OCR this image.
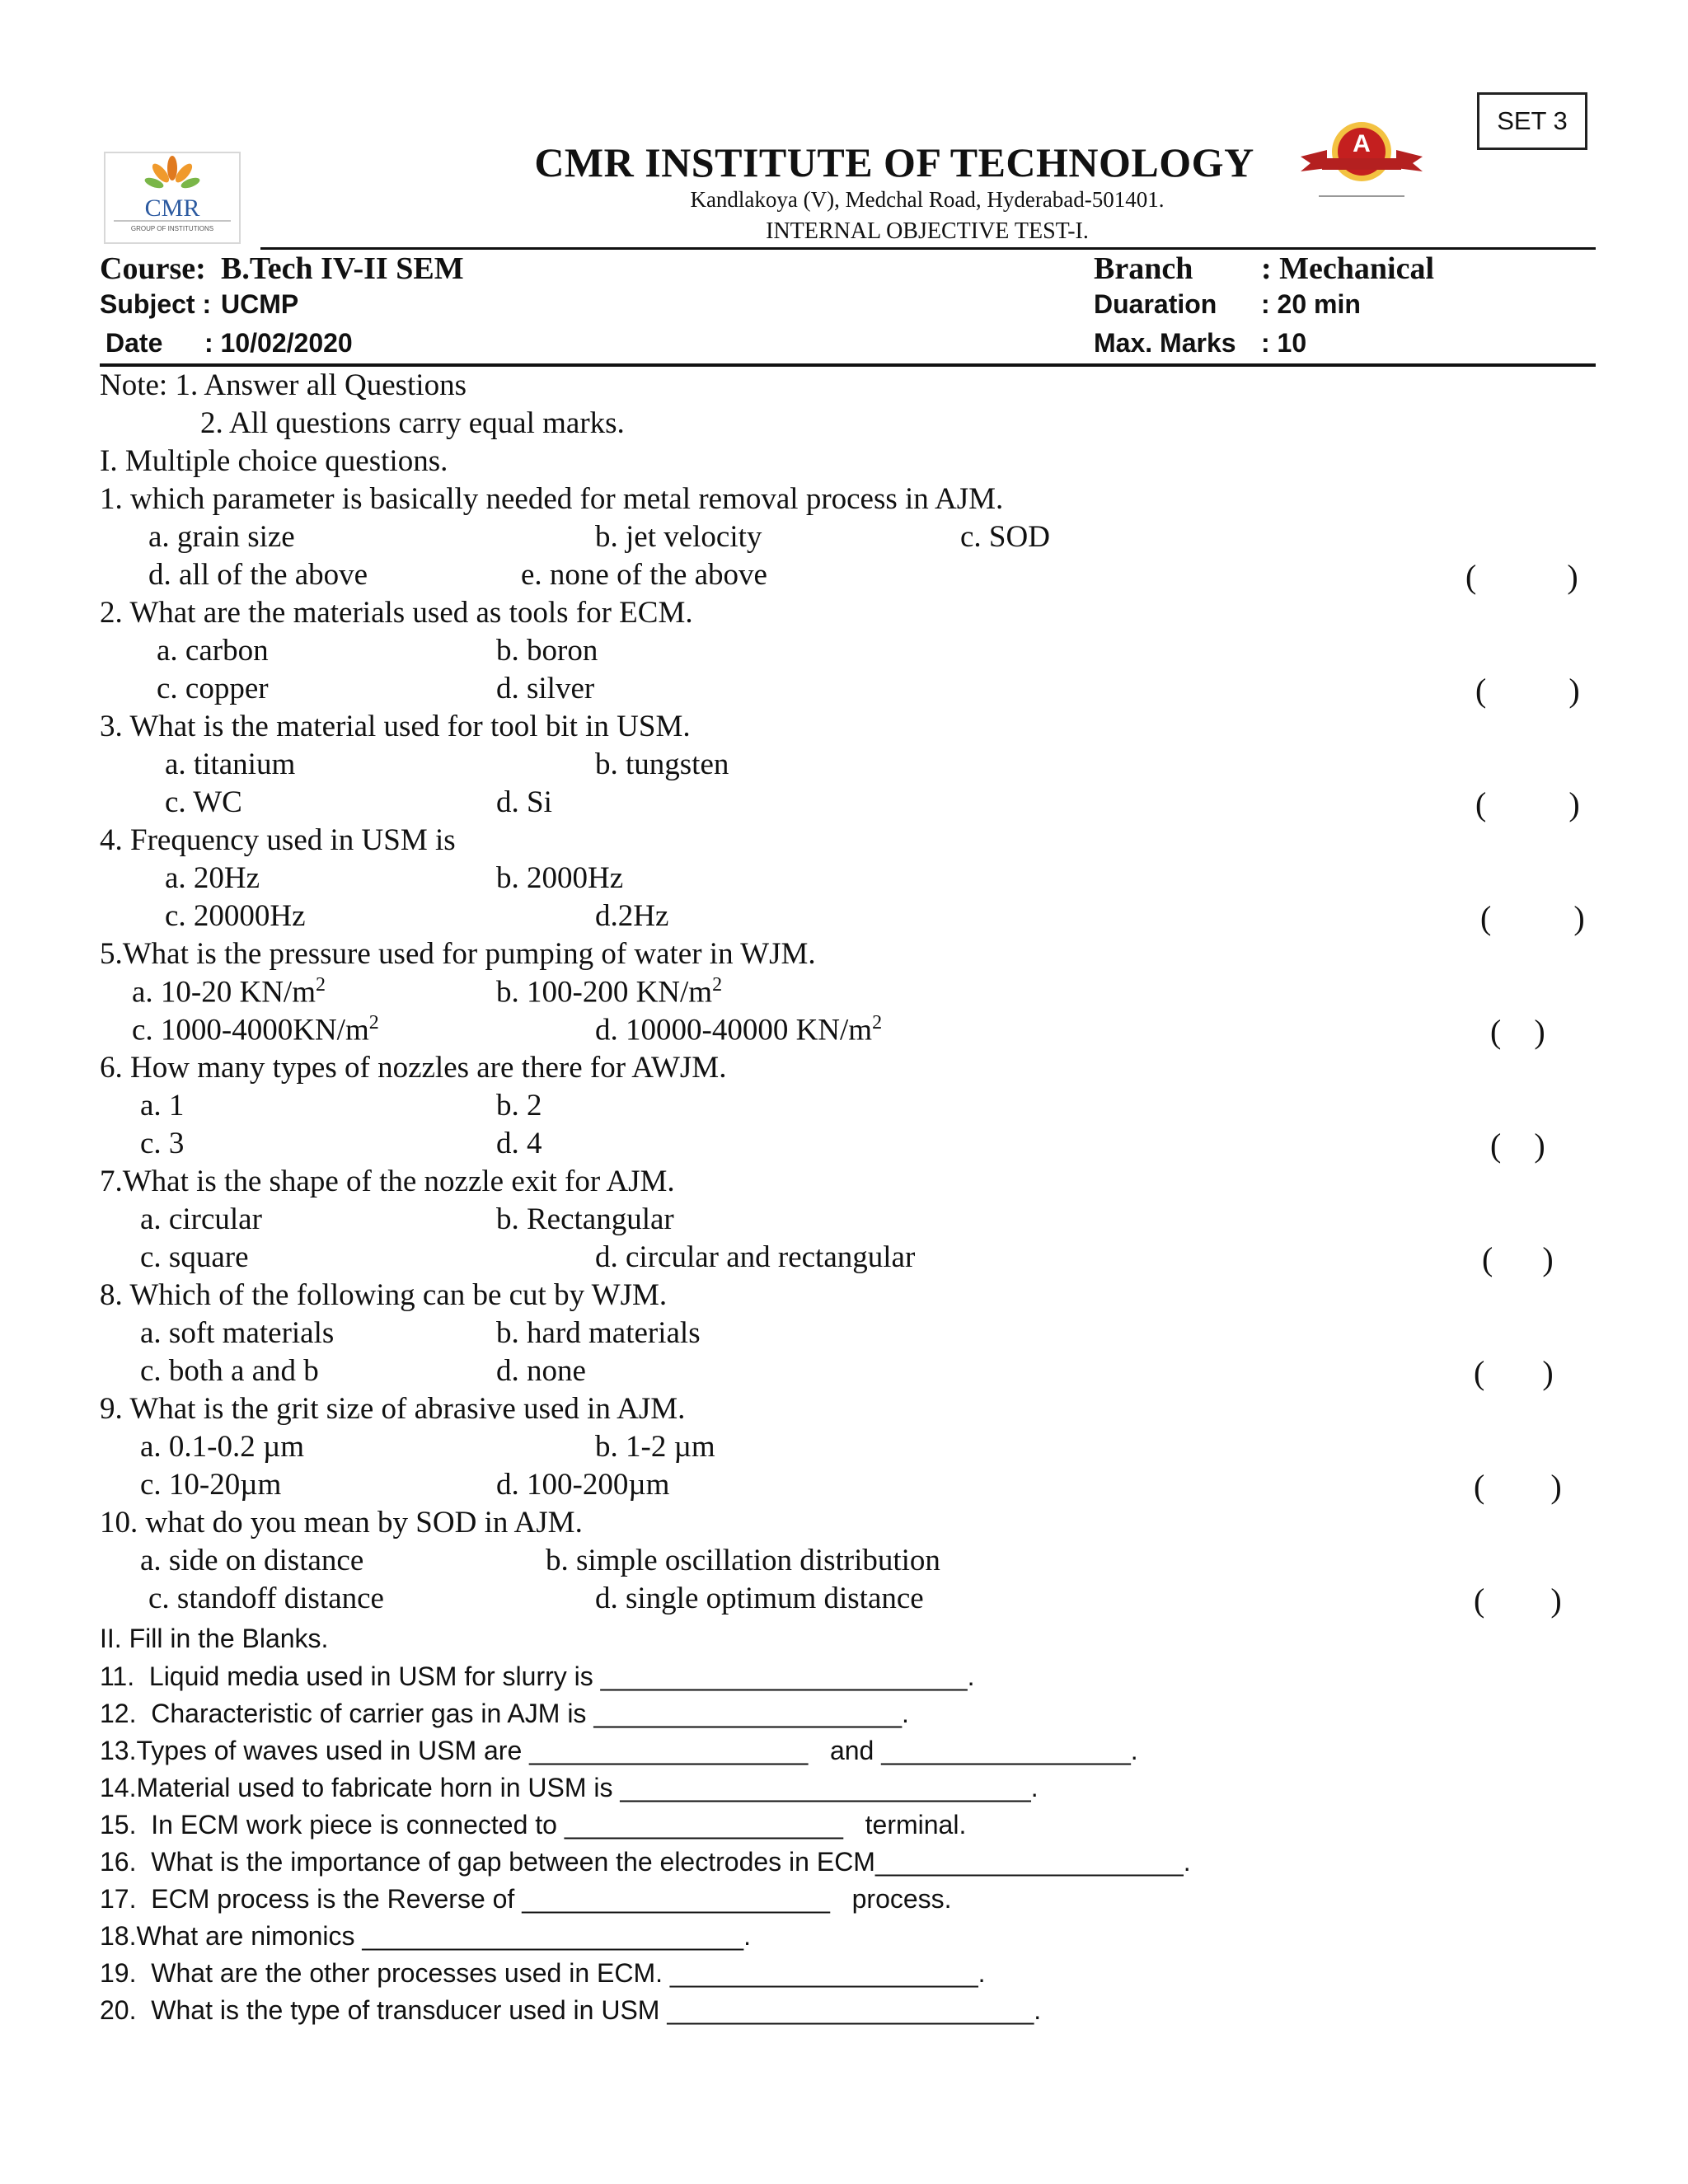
SET 3
CMR
GROUP OF INSTITUTIONS
A
CMR INSTITUTE OF TECHNOLOGY
Kandlakoya (V), Medchal Road, Hyderabad-501401.
INTERNAL OBJECTIVE TEST-I.
Course: B.Tech IV-II SEM
Subject : UCMP
Date : 10/02/2020
Branch : Mechanical
Duaration : 20 min
Max. Marks : 10
Note: 1. Answer all Questions
2. All questions carry equal marks.
I. Multiple choice questions.
1. which parameter is basically needed for metal removal process in AJM.
a. grain size	b. jet velocity	c. SOD
d. all of the above	e. none of the above	(           )
2. What are the materials used as tools for ECM.
a. carbon	b. boron
c. copper	d. silver	(          )
3. What is the material used for tool bit in USM.
a. titanium	b. tungsten
c. WC	d. Si	(          )
4. Frequency used in USM is
a. 20Hz	b. 2000Hz
c. 20000Hz	d.2Hz	(          )
5.What is the pressure used for pumping of water in WJM.
a. 10-20 $KN/m^2$	b. 100-200 $KN/m^2$
c. $1000-4000KN/m^2$	d. 10000-40000 $KN/m^2$	(    )
6. How many types of nozzles are there for AWJM.
a. 1	b. 2
c. 3	d. 4	(    )
7.What is the shape of the nozzle exit for AJM.
a. circular	b. Rectangular
c. square	d. circular and rectangular	(      )
8. Which of the following can be cut by WJM.
a. soft materials	b. hard materials
c. both a and b	d. none	(       )
9. What is the grit size of abrasive used in AJM.
a. 0.1-0.2 µm	b. 1-2 µm
c. 10-20µm	d. 100-200µm	(        )
10. what do you mean by SOD in AJM.
a. side on distance	b. simple oscillation distribution
c. standoff distance	d. single optimum distance	(        )
II. Fill in the Blanks.
11.  Liquid media used in USM for slurry is _________________________.
12.  Characteristic of carrier gas in AJM is _____________________.
13.Types of waves used in USM are ___________________   and _________________.
14.Material used to fabricate horn in USM is ____________________________.
15.  In ECM work piece is connected to ___________________   terminal.
16.  What is the importance of gap between the electrodes in ECM_____________________.
17.  ECM process is the Reverse of _____________________   process.
18.What are nimonics __________________________.
19.  What are the other processes used in ECM. _____________________.
20.  What is the type of transducer used in USM _________________________.
